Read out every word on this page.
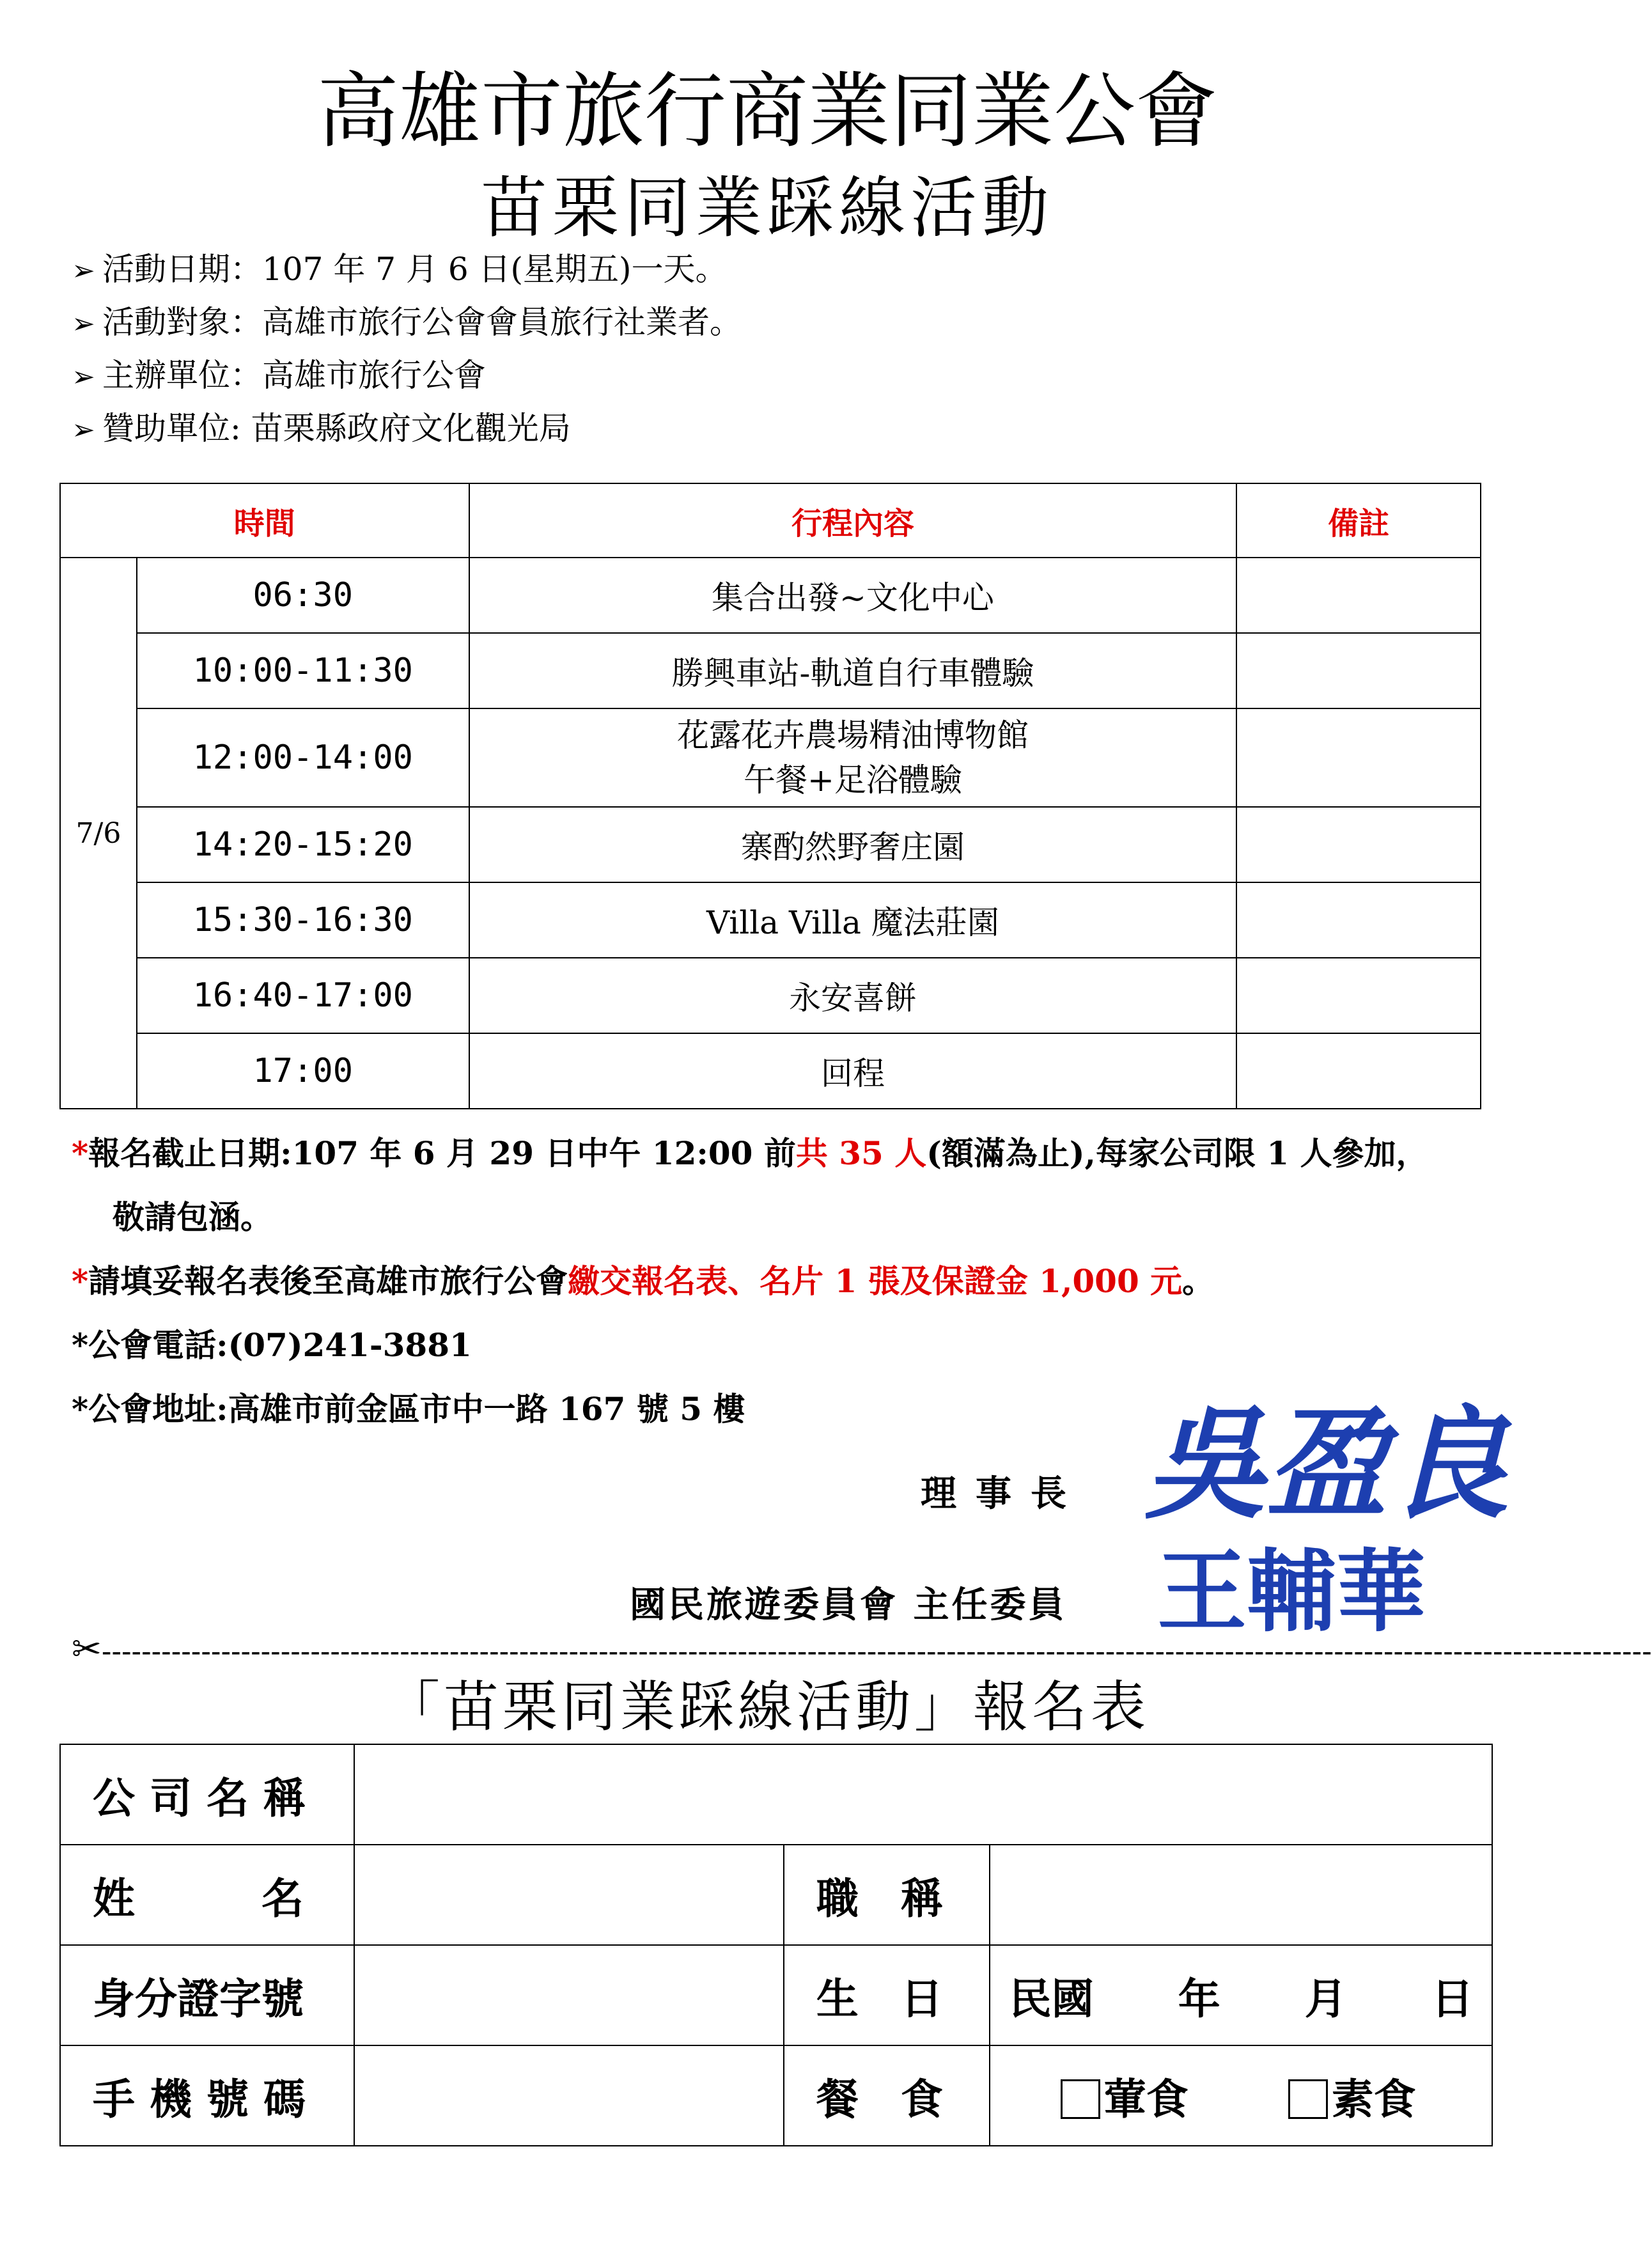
高雄市旅行商業同業公會
苗栗同業踩線活動
➢ 活動日期：107 年 7 月 6 日(星期五)一天。
➢ 活動對象：高雄市旅行公會會員旅行社業者。
➢ 主辦單位：高雄市旅行公會
➢ 贊助單位: 苗栗縣政府文化觀光局
時間		行程內容	備註
7/6	06:30	集合出發~文化中心	
	10:00-11:30	勝興車站-軌道自行車體驗	
	12:00-14:00	花露花卉農場精油博物館
午餐+足浴體驗	

	14:20-15:20	寨酌然野奢庄園	
	15:30-16:30	Villa Villa 魔法莊園	
	16:40-17:00	永安喜餅	
	17:00	回程	
*報名截止日期:107 年 6 月 29 日中午 12:00 前共 35 人(額滿為止),每家公司限 1 人參加，
敬請包涵。
*請填妥報名表後至高雄市旅行公會繳交報名表、名片 1 張及保證金 1,000 元。
*公會電話:(07)241-3881
*公會地址:高雄市前金區市中一路 167 號 5 樓
理事長 吳盈良
國民旅遊委員會 主任委員 王輔華
✂------------------------------------------------------------------------------------------------------------------------------------------------------------
「苗栗同業踩線活動」報名表
公 司 名 稱			
姓　　　名		職　稱	
身分證字號		生　日	民國　　年　　月　　日
手 機 號 碼		餐　食	葷食 素食
